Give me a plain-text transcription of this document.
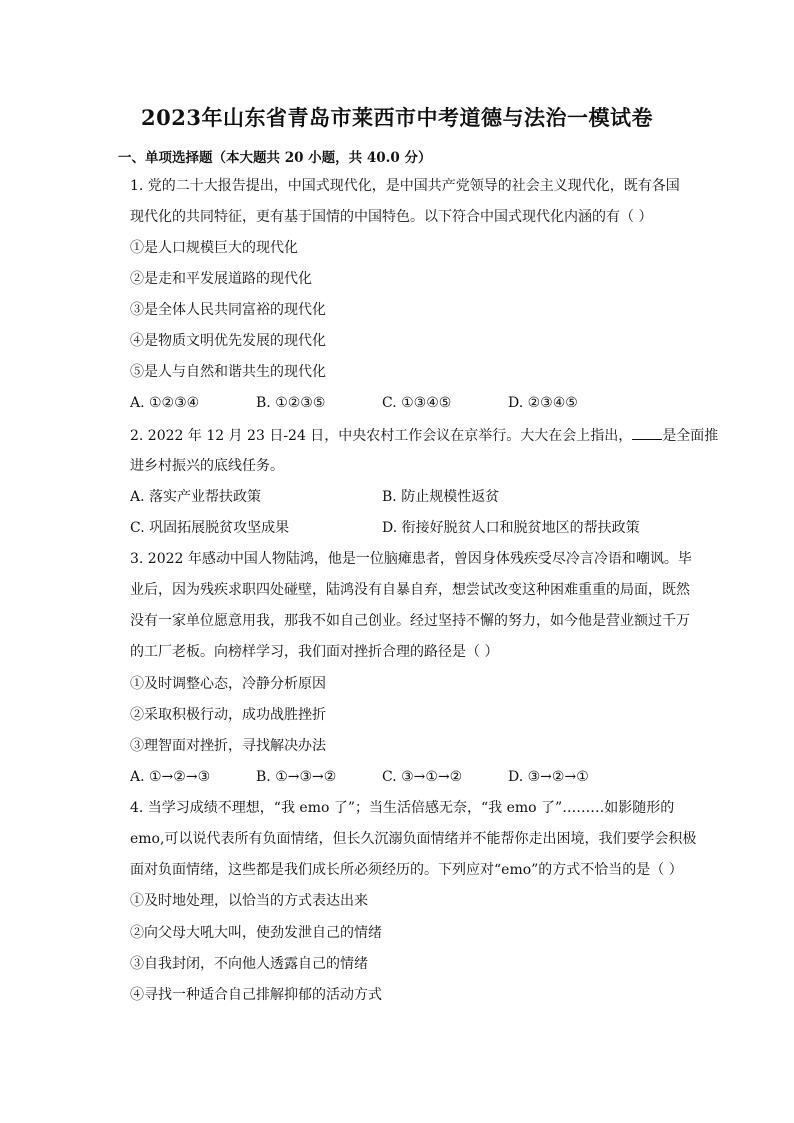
2023年山东省青岛市莱西市中考道德与法治一模试卷
一、单项选择题（本大题共 20 小题，共 40.0 分）
1. 党的二十大报告提出，中国式现代化，是中国共产党领导的社会主义现代化，既有各国
现代化的共同特征，更有基于国情的中国特色。以下符合中国式现代化内涵的有（ ）
①是人口规模巨大的现代化
②是走和平发展道路的现代化
③是全体人民共同富裕的现代化
④是物质文明优先发展的现代化
⑤是人与自然和谐共生的现代化
A. ①②③④	B. ①②③⑤	C. ①③④⑤	D. ②③④⑤
2. 2022 年 12 月 23 日-24 日，中央农村工作会议在京举行。大大在会上指出， 是全面推
进乡村振兴的底线任务。
A. 落实产业帮扶政策	B. 防止规模性返贫
C. 巩固拓展脱贫攻坚成果	D. 衔接好脱贫人口和脱贫地区的帮扶政策
3. 2022 年感动中国人物陆鸿，他是一位脑瘫患者，曾因身体残疾受尽冷言冷语和嘲讽。毕
业后，因为残疾求职四处碰壁，陆鸿没有自暴自弃，想尝试改变这种困难重重的局面，既然
没有一家单位愿意用我，那我不如自己创业。经过坚持不懈的努力，如今他是营业额过千万
的工厂老板。向榜样学习，我们面对挫折合理的路径是（ ）
①及时调整心态，冷静分析原因
②采取积极行动，成功战胜挫折
③理智面对挫折，寻找解决办法
A. ①→②→③	B. ①→③→②	C. ③→①→②	D. ③→②→①
4. 当学习成绩不理想，“我 emo 了”；当生活倍感无奈，“我 emo 了”………如影随形的
emo,可以说代表所有负面情绪，但长久沉溺负面情绪并不能帮你走出困境，我们要学会积极
面对负面情绪，这些都是我们成长所必须经历的。下列应对“emo”的方式不恰当的是（ ）
①及时地处理，以恰当的方式表达出来
②向父母大吼大叫，使劲发泄自己的情绪
③自我封闭，不向他人透露自己的情绪
④寻找一种适合自己排解抑郁的活动方式
